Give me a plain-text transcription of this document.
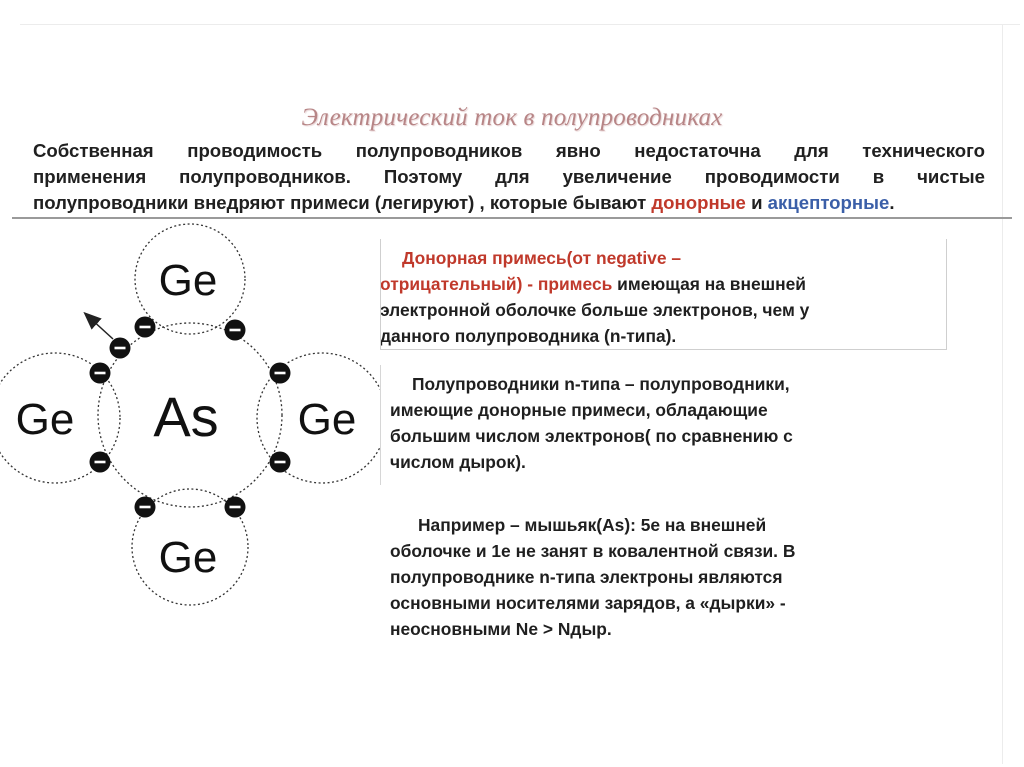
Электрический ток в полупроводниках
Собственная проводимость полупроводников явно недостаточна для технического
применения полупроводников. Поэтому для увеличение проводимости в чистые
полупроводники внедряют примеси (легируют) , которые бывают донорные и акцепторные.
Ge
Ge As Ge
Ge
Донорная примесь(от negative –
отрицательный) - примесь имеющая на внешней
электронной оболочке больше электронов, чем у
данного полупроводника (n-типа).
Полупроводники n-типа – полупроводники,
имеющие донорные примеси, обладающие
большим числом электронов( по сравнению с
числом дырок).
Например – мышьяк(As): 5е на внешней
оболочке и 1е не занят в ковалентной связи. В
полупроводнике n-типа электроны являются
основными носителями зарядов, а «дырки» -
неосновными Ne > Nдыр.
